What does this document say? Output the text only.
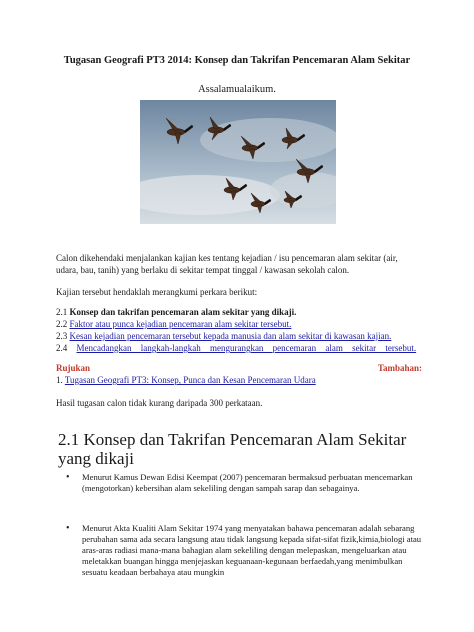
Tugasan Geografi PT3 2014: Konsep dan Takrifan Pencemaran Alam Sekitar
Assalamualaikum.
Calon dikehendaki menjalankan kajian kes tentang kejadian / isu pencemaran alam sekitar (air, udara, bau, tanih) yang berlaku di sekitar tempat tinggal / kawasan sekolah calon.
Kajian tersebut hendaklah merangkumi perkara berikut:
2.1 Konsep dan takrifan pencemaran alam sekitar yang dikaji.
2.2 Faktor atau punca kejadian pencemaran alam sekitar tersebut.
2.3 Kesan kejadian pencemaran tersebut kepada manusia dan alam sekitar di kawasan kajian.
2.4 Mencadangkan langkah-langkah mengurangkan pencemaran alam sekitar tersebut.
Rujukan	Tambahan:
1. Tugasan Geografi PT3: Konsep, Punca dan Kesan Pencemaran Udara
Hasil tugasan calon tidak kurang daripada 300 perkataan.
2.1 Konsep dan Takrifan Pencemaran Alam Sekitar yang dikaji
• Menurut Kamus Dewan Edisi Keempat (2007) pencemaran bermaksud perbuatan mencemarkan (mengotorkan) kebersihan alam sekeliling dengan sampah sarap dan sebagainya.
• Menurut Akta Kualiti Alam Sekitar 1974 yang menyatakan bahawa pencemaran adalah sebarang perubahan sama ada secara langsung atau tidak langsung kepada sifat-sifat fizik,kimia,biologi atau aras-aras radiasi mana-mana bahagian alam sekeliling dengan melepaskan, mengeluarkan atau meletakkan buangan hingga menjejaskan keguanaan-kegunaan berfaedah,yang menimbulkan sesuatu keadaan berbahaya atau mungkin
